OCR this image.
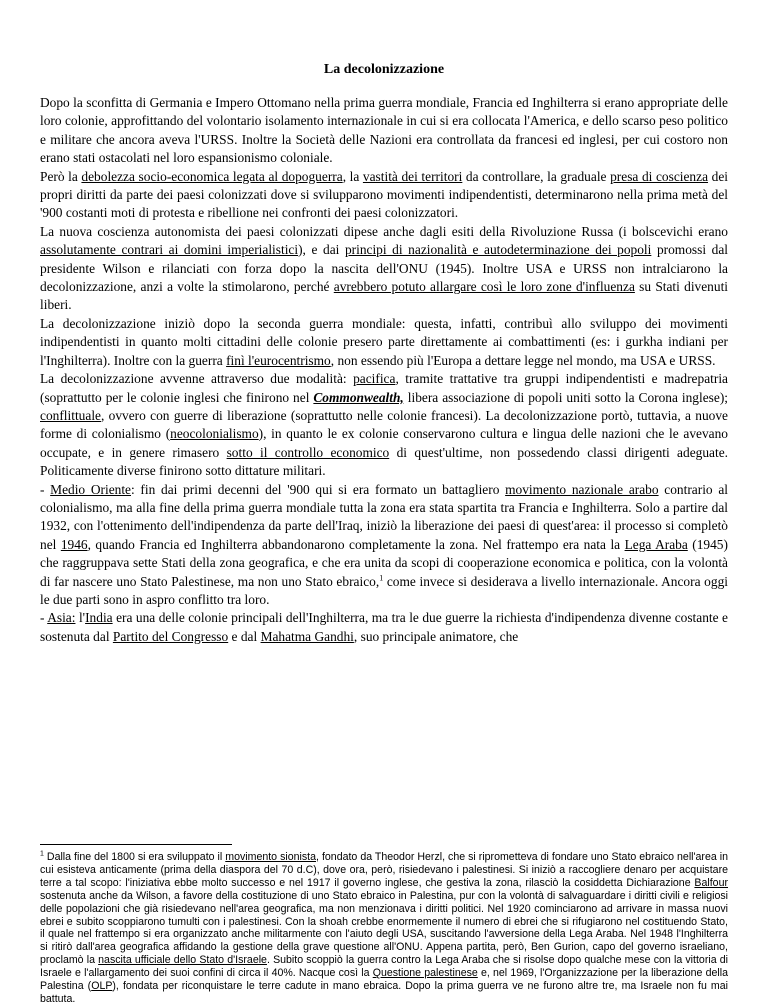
La decolonizzazione

Dopo la sconfitta di Germania e Impero Ottomano nella prima guerra mondiale, Francia ed Inghilterra si erano appropriate delle loro colonie, approfittando del volontario isolamento internazionale in cui si era collocata l'America, e dello scarso peso politico e militare che ancora aveva l'URSS. Inoltre la Società delle Nazioni era controllata da francesi ed inglesi, per cui costoro non erano stati ostacolati nel loro espansionismo coloniale.

Però la debolezza socio-economica legata al dopoguerra, la vastità dei territori da controllare, la graduale presa di coscienza dei propri diritti da parte dei paesi colonizzati dove si svilupparono movimenti indipendentisti, determinarono nella prima metà del '900 costanti moti di protesta e ribellione nei confronti dei paesi colonizzatori.

La nuova coscienza autonomista dei paesi colonizzati dipese anche dagli esiti della Rivoluzione Russa (i bolscevichi erano assolutamente contrari ai domini imperialistici), e dai principi di nazionalità e autodeterminazione dei popoli promossi dal presidente Wilson e rilanciati con forza dopo la nascita dell'ONU (1945). Inoltre USA e URSS non intralciarono la decolonizzazione, anzi a volte la stimolarono, perché avrebbero potuto allargare così le loro zone d'influenza su Stati divenuti liberi.

La decolonizzazione iniziò dopo la seconda guerra mondiale: questa, infatti, contribuì allo sviluppo dei movimenti indipendentisti in quanto molti cittadini delle colonie presero parte direttamente ai combattimenti (es: i gurkha indiani per l'Inghilterra). Inoltre con la guerra finì l'eurocentrismo, non essendo più l'Europa a dettare legge nel mondo, ma USA e URSS.

La decolonizzazione avvenne attraverso due modalità: pacifica, tramite trattative tra gruppi indipendentisti e madrepatria (soprattutto per le colonie inglesi che finirono nel Commonwealth, libera associazione di popoli uniti sotto la Corona inglese); conflittuale, ovvero con guerre di liberazione (soprattutto nelle colonie francesi). La decolonizzazione portò, tuttavia, a nuove forme di colonialismo (neocolonialismo), in quanto le ex colonie conservarono cultura e lingua delle nazioni che le avevano occupate, e in genere rimasero sotto il controllo economico di quest'ultime, non possedendo classi dirigenti adeguate. Politicamente diverse finirono sotto dittature militari.

- Medio Oriente: fin dai primi decenni del '900 qui si era formato un battagliero movimento nazionale arabo contrario al colonialismo, ma alla fine della prima guerra mondiale tutta la zona era stata spartita tra Francia e Inghilterra. Solo a partire dal 1932, con l'ottenimento dell'indipendenza da parte dell'Iraq, iniziò la liberazione dei paesi di quest'area: il processo si completò nel 1946, quando Francia ed Inghilterra abbandonarono completamente la zona. Nel frattempo era nata la Lega Araba (1945) che raggruppava sette Stati della zona geografica, e che era unita da scopi di cooperazione economica e politica, con la volontà di far nascere uno Stato Palestinese, ma non uno Stato ebraico,$^1$ come invece si desiderava a livello internazionale. Ancora oggi le due parti sono in aspro conflitto tra loro.

- Asia: l'India era una delle colonie principali dell'Inghilterra, ma tra le due guerre la richiesta d'indipendenza divenne costante e sostenuta dal Partito del Congresso e dal Mahatma Gandhi, suo principale animatore, che

$^1$ Dalla fine del 1800 si era sviluppato il movimento sionista, fondato da Theodor Herzl, che si riprometteva di fondare uno Stato ebraico nell'area in cui esisteva anticamente (prima della diaspora del 70 d.C), dove ora, però, risiedevano i palestinesi. Si iniziò a raccogliere denaro per acquistare terre a tal scopo: l'iniziativa ebbe molto successo e nel 1917 il governo inglese, che gestiva la zona, rilasciò la cosiddetta Dichiarazione Balfour sostenuta anche da Wilson, a favore della costituzione di uno Stato ebraico in Palestina, pur con la volontà di salvaguardare i diritti civili e religiosi delle popolazioni che già risiedevano nell'area geografica, ma non menzionava i diritti politici. Nel 1920 cominciarono ad arrivare in massa nuovi ebrei e subito scoppiarono tumulti con i palestinesi. Con la shoah crebbe enormemente il numero di ebrei che si rifugiarono nel costituendo Stato, il quale nel frattempo si era organizzato anche militarmente con l'aiuto degli USA, suscitando l'avversione della Lega Araba. Nel 1948 l'Inghilterra si ritirò dall'area geografica affidando la gestione della grave questione all'ONU. Appena partita, però, Ben Gurion, capo del governo israeliano, proclamò la nascita ufficiale dello Stato d'Israele. Subito scoppiò la guerra contro la Lega Araba che si risolse dopo qualche mese con la vittoria di Israele e l'allargamento dei suoi confini di circa il 40%. Nacque così la Questione palestinese e, nel 1969, l'Organizzazione per la liberazione della Palestina (OLP), fondata per riconquistare le terre cadute in mano ebraica. Dopo la prima guerra ve ne furono altre tre, ma Israele non fu mai battuta.
